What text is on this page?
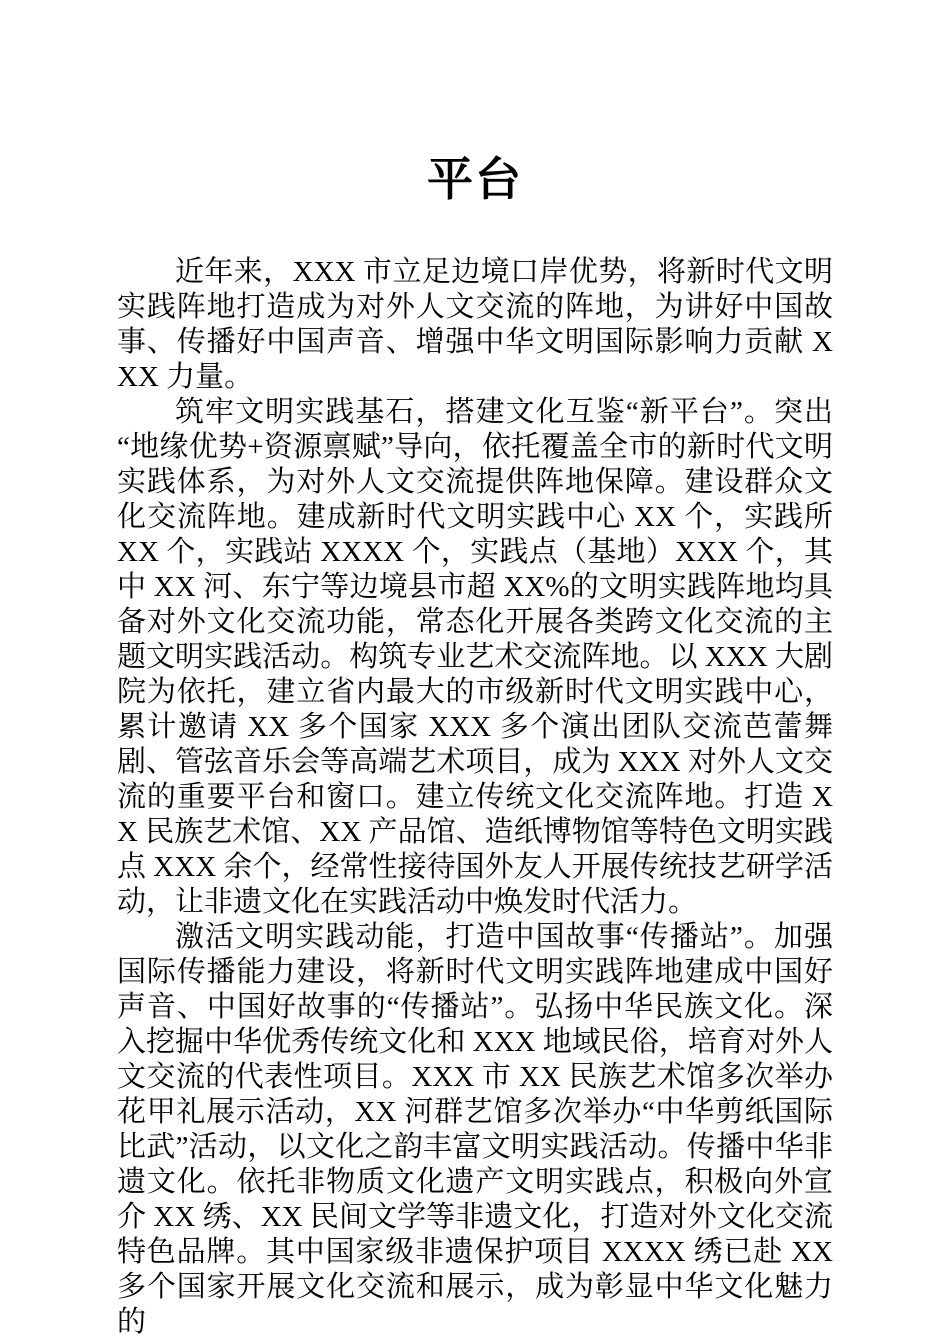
平台

近年来，XXX 市立足边境口岸优势，将新时代文明实践阵地打造成为对外人文交流的阵地，为讲好中国故事、传播好中国声音、增强中华文明国际影响力贡献 XXX 力量。

筑牢文明实践基石，搭建文化互鉴“新平台”。突出“地缘优势+资源禀赋”导向，依托覆盖全市的新时代文明实践体系，为对外人文交流提供阵地保障。建设群众文化交流阵地。建成新时代文明实践中心 XX 个，实践所 XX 个，实践站 XXXX 个，实践点（基地）XXX 个，其中 XX 河、东宁等边境县市超 XX%的文明实践阵地均具备对外文化交流功能，常态化开展各类跨文化交流的主题文明实践活动。构筑专业艺术交流阵地。以 XXX 大剧院为依托，建立省内最大的市级新时代文明实践中心，累计邀请 XX 多个国家 XXX 多个演出团队交流芭蕾舞剧、管弦音乐会等高端艺术项目，成为 XXX 对外人文交流的重要平台和窗口。建立传统文化交流阵地。打造 XX 民族艺术馆、XX 产品馆、造纸博物馆等特色文明实践点 XXX 余个，经常性接待国外友人开展传统技艺研学活动，让非遗文化在实践活动中焕发时代活力。

激活文明实践动能，打造中国故事“传播站”。加强国际传播能力建设，将新时代文明实践阵地建成中国好声音、中国好故事的“传播站”。弘扬中华民族文化。深入挖掘中华优秀传统文化和 XXX 地域民俗，培育对外人文交流的代表性项目。XXX 市 XX 民族艺术馆多次举办花甲礼展示活动，XX 河群艺馆多次举办“中华剪纸国际比武”活动，以文化之韵丰富文明实践活动。传播中华非遗文化。依托非物质文化遗产文明实践点，积极向外宣介 XX 绣、XX 民间文学等非遗文化，打造对外文化交流特色品牌。其中国家级非遗保护项目 XXXX 绣已赴 XX 多个国家开展文化交流和展示，成为彰显中华文化魅力的
